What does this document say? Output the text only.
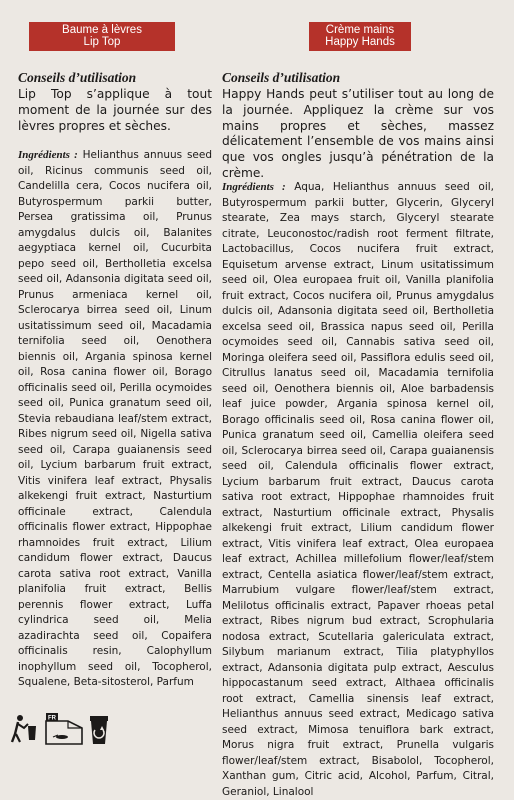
Baume à lèvres
Lip Top
Conseils d’utilisation
Lip Top s’applique à tout moment de la journée sur des lèvres propres et sèches.
Ingrédients : Helianthus annuus seed oil, Ricinus communis seed oil, Candelilla cera, Cocos nucifera oil, Butyrospermum parkii butter, Persea gratissima oil, Prunus amygdalus dulcis oil, Balanites aegyptiaca kernel oil, Cucurbita pepo seed oil, Bertholletia excelsa seed oil, Adansonia digitata seed oil, Prunus armeniaca kernel oil, Sclerocarya birrea seed oil, Linum usitatissimum seed oil, Macadamia ternifolia seed oil, Oenothera biennis oil, Argania spinosa kernel oil, Rosa canina flower oil, Borago officinalis seed oil, Perilla ocymoides seed oil, Punica granatum seed oil, Stevia rebaudiana leaf/stem extract, Ribes nigrum seed oil, Nigella sativa seed oil, Carapa guaianensis seed oil, Lycium barbarum fruit extract, Vitis vinifera leaf extract, Physalis alkekengi fruit extract, Nasturtium officinale extract, Calendula officinalis flower extract, Hippophae rhamnoides fruit extract, Lilium candidum flower extract, Daucus carota sativa root extract, Vanilla planifolia fruit extract, Bellis perennis flower extract, Luffa cylindrica seed oil, Melia azadirachta seed oil, Copaifera officinalis resin, Calophyllum inophyllum seed oil, Tocopherol, Squalene, Beta-sitosterol, Parfum
Crème mains
Happy Hands
Conseils d’utilisation
Happy Hands peut s’utiliser tout au long de la journée. Appliquez la crème sur vos mains propres et sèches, massez délicatement l’ensemble de vos mains ainsi que vos ongles jusqu’à pénétration de la crème.
Ingrédients : Aqua, Helianthus annuus seed oil, Butyrospermum parkii butter, Glycerin, Glyceryl stearate, Zea mays starch, Glyceryl stearate citrate, Leuconostoc/radish root ferment filtrate, Lactobacillus, Cocos nucifera fruit extract, Equisetum arvense extract, Linum usitatissimum seed oil, Olea europaea fruit oil, Vanilla planifolia fruit extract, Cocos nucifera oil, Prunus amygdalus dulcis oil, Adansonia digitata seed oil, Bertholletia excelsa seed oil, Brassica napus seed oil, Perilla ocymoides seed oil, Cannabis sativa seed oil, Moringa oleifera seed oil, Passiflora edulis seed oil, Citrullus lanatus seed oil, Macadamia ternifolia seed oil, Oenothera biennis oil, Aloe barbadensis leaf juice powder, Argania spinosa kernel oil, Borago officinalis seed oil, Rosa canina flower oil, Punica granatum seed oil, Camellia oleifera seed oil, Sclerocarya birrea seed oil, Carapa guaianensis seed oil, Calendula officinalis flower extract, Lycium barbarum fruit extract, Daucus carota sativa root extract, Hippophae rhamnoides fruit extract, Nasturtium officinale extract, Physalis alkekengi fruit extract, Lilium candidum flower extract, Vitis vinifera leaf extract, Olea europaea leaf extract, Achillea millefolium flower/leaf/stem extract, Centella asiatica flower/leaf/stem extract, Marrubium vulgare flower/leaf/stem extract, Melilotus officinalis extract, Papaver rhoeas petal extract, Ribes nigrum bud extract, Scrophularia nodosa extract, Scutellaria galericulata extract, Silybum marianum extract, Tilia platyphyllos extract, Adansonia digitata pulp extract, Aesculus hippocastanum seed extract, Althaea officinalis root extract, Camellia sinensis leaf extract, Helianthus annuus seed extract, Medicago sativa seed extract, Mimosa tenuiflora bark extract, Morus nigra fruit extract, Prunella vulgaris flower/leaf/stem extract, Bisabolol, Tocopherol, Xanthan gum, Citric acid, Alcohol, Parfum, Citral, Geraniol, Linalool
FR
